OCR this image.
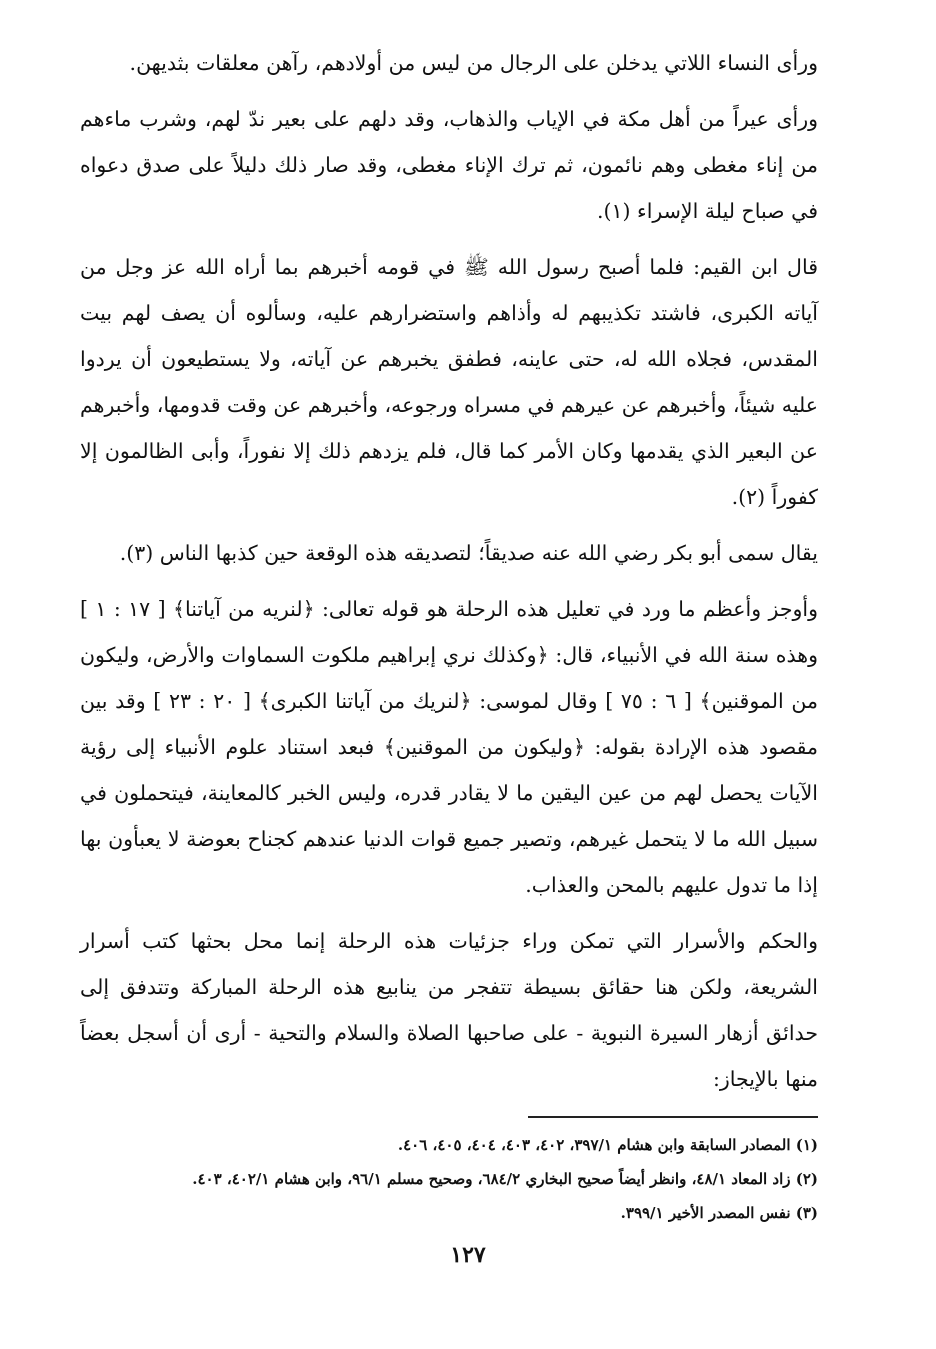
ورأى النساء اللاتي يدخلن على الرجال من ليس من أولادهم، رآهن معلقات بثديهن.

ورأى عيراً من أهل مكة في الإياب والذهاب، وقد دلهم على بعير ندّ لهم، وشرب ماءهم من إناء مغطى وهم نائمون، ثم ترك الإناء مغطى، وقد صار ذلك دليلاً على صدق دعواه في صباح ليلة الإسراء (١).

قال ابن القيم: فلما أصبح رسول الله ﷺ في قومه أخبرهم بما أراه الله عز وجل من آياته الكبرى، فاشتد تكذيبهم له وأذاهم واستضرارهم عليه، وسألوه أن يصف لهم بيت المقدس، فجلاه الله له، حتى عاينه، فطفق يخبرهم عن آياته، ولا يستطيعون أن يردوا عليه شيئاً، وأخبرهم عن عيرهم في مسراه ورجوعه، وأخبرهم عن وقت قدومها، وأخبرهم عن البعير الذي يقدمها وكان الأمر كما قال، فلم يزدهم ذلك إلا نفوراً، وأبى الظالمون إلا كفوراً (٢).

يقال سمى أبو بكر رضي الله عنه صديقاً؛ لتصديقه هذه الوقعة حين كذبها الناس (٣).

وأوجز وأعظم ما ورد في تعليل هذه الرحلة هو قوله تعالى: ﴿لنريه من آياتنا﴾ [ ١٧ : ١ ] وهذه سنة الله في الأنبياء، قال: ﴿وكذلك نري إبراهيم ملكوت السماوات والأرض، وليكون من الموقنين﴾ [ ٦ : ٧٥ ] وقال لموسى: ﴿لنريك من آياتنا الكبرى﴾ [ ٢٠ : ٢٣ ] وقد بين مقصود هذه الإرادة بقوله: ﴿وليكون من الموقنين﴾ فبعد استناد علوم الأنبياء إلى رؤية الآيات يحصل لهم من عين اليقين ما لا يقادر قدره، وليس الخبر كالمعاينة، فيتحملون في سبيل الله ما لا يتحمل غيرهم، وتصير جميع قوات الدنيا عندهم كجناح بعوضة لا يعبأون بها إذا ما تدول عليهم بالمحن والعذاب.

والحكم والأسرار التي تمكن وراء جزئيات هذه الرحلة إنما محل بحثها كتب أسرار الشريعة، ولكن هنا حقائق بسيطة تتفجر من ينابيع هذه الرحلة المباركة وتتدفق إلى حدائق أزهار السيرة النبوية - على صاحبها الصلاة والسلام والتحية - أرى أن أسجل بعضاً منها بالإيجاز:

(١) المصادر السابقة وابن هشام ٣٩٧/١، ٤٠٢، ٤٠٣، ٤٠٤، ٤٠٥، ٤٠٦.
(٢) زاد المعاد ٤٨/١، وانظر أيضاً صحيح البخاري ٦٨٤/٢، وصحيح مسلم ٩٦/١، وابن هشام ٤٠٢/١، ٤٠٣.
(٣) نفس المصدر الأخير ٣٩٩/١.
١٢٧
